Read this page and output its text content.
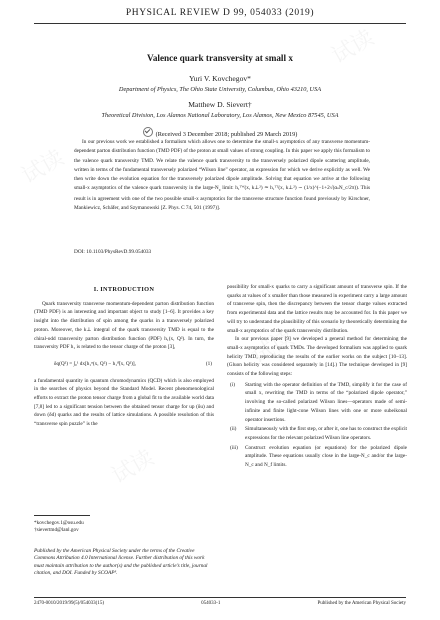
PHYSICAL REVIEW D 99, 054033 (2019)
Valence quark transversity at small x
Yuri V. Kovchegov*
Department of Physics, The Ohio State University, Columbus, Ohio 43210, USA
Matthew D. Sievert†
Theoretical Division, Los Alamos National Laboratory, Los Alamos, New Mexico 87545, USA
(Received 3 December 2018; published 29 March 2019)

In our previous work we established a formalism which allows one to determine the small-x asymptotics of any transverse momentum-dependent parton distribution function (TMD PDF) of the proton at small values of strong coupling. In this paper we apply this formalism to the valence quark transversity TMD. We relate the valence quark transversity to the transversely polarized dipole scattering amplitude, written in terms of the fundamental transversely polarized “Wilson line” operator, an expression for which we derive explicitly as well. We then write down the evolution equation for the transversely polarized dipole amplitude. Solving that equation we arrive at the following small-x asymptotics of the valence quark transversity in the large-$N_c$ limit: h₁ᵀᵂ(x, k⊥²) ≃ h₁ᵀᵀ(x, k⊥²) ∼ (1/x)^(−1+2√(αₛN_c/2π)). This result is in agreement with one of the two possible small-x asymptotics for the transverse structure function found previously by Kirschner, Mankiewicz, Schäfer, and Szymanowski [Z. Phys. C 74, 501 (1997)].

DOI: 10.1103/PhysRevD.99.054033
I. INTRODUCTION

Quark transversity transverse momentum-dependent parton distribution function (TMD PDF) is an interesting and important object to study [1–6]. It provides a key insight into the distribution of spin among the quarks in a transversely polarized proton. Moreover, the k⊥ integral of the quark transversity TMD is equal to the chiral-odd transversity parton distribution function (PDF) h₁(x, Q²). In turn, the transversity PDF h₁ is related to the tensor charge of the proton [3],

δq(Q²) = ∫₀¹ dx[h₁ᵠ(x, Q²) − h₁ᵠ̅(x, Q²)],	(1)

a fundamental quantity in quantum chromodynamics (QCD) which is also employed in the searches of physics beyond the Standard Model. Recent phenomenological efforts to extract the proton tensor charge from a global fit to the available world data [7,8] led to a significant tension between the obtained tensor charge for up (δu) and down (δd) quarks and the results of lattice simulations. A possible resolution of this “transverse spin puzzle” is the

*kovchegov.1@osu.edu
†sievertmd@lanl.gov
Published by the American Physical Society under the terms of the Creative Commons Attribution 4.0 International license. Further distribution of this work must maintain attribution to the author(s) and the published article’s title, journal citation, and DOI. Funded by SCOAP³.

possibility for small-x quarks to carry a significant amount of transverse spin. If the quarks at values of x smaller than those measured in experiment carry a large amount of transverse spin, then the discrepancy between the tensor charge values extracted from experimental data and the lattice results may be accounted for. In this paper we will try to understand the plausibility of this scenario by theoretically determining the small-x asymptotics of the quark transversity distribution.

In our previous paper [9] we developed a general method for determining the small-x asymptotics of quark TMDs. The developed formalism was applied to quark helicity TMD, reproducing the results of the earlier works on the subject [10–13]. (Gluon helicity was considered separately in [14].) The technique developed in [9] consists of the following steps:

(i) Starting with the operator definition of the TMD, simplify it for the case of small x, rewriting the TMD in terms of the “polarized dipole operator,” involving the so-called polarized Wilson lines—operators made of semi-infinite and finite light-cone Wilson lines with one or more subeikonal operator insertions.
(ii) Simultaneously with the first step, or after it, one has to construct the explicit expressions for the relevant polarized Wilson line operators.
(iii) Construct evolution equation (or equations) for the polarized dipole amplitude. These equations usually close in the large-N_c and/or the large-N_c and N_f limits.
2470-0010/2019/99(5)/054033(15)	054033-1	Published by the American Physical Society
